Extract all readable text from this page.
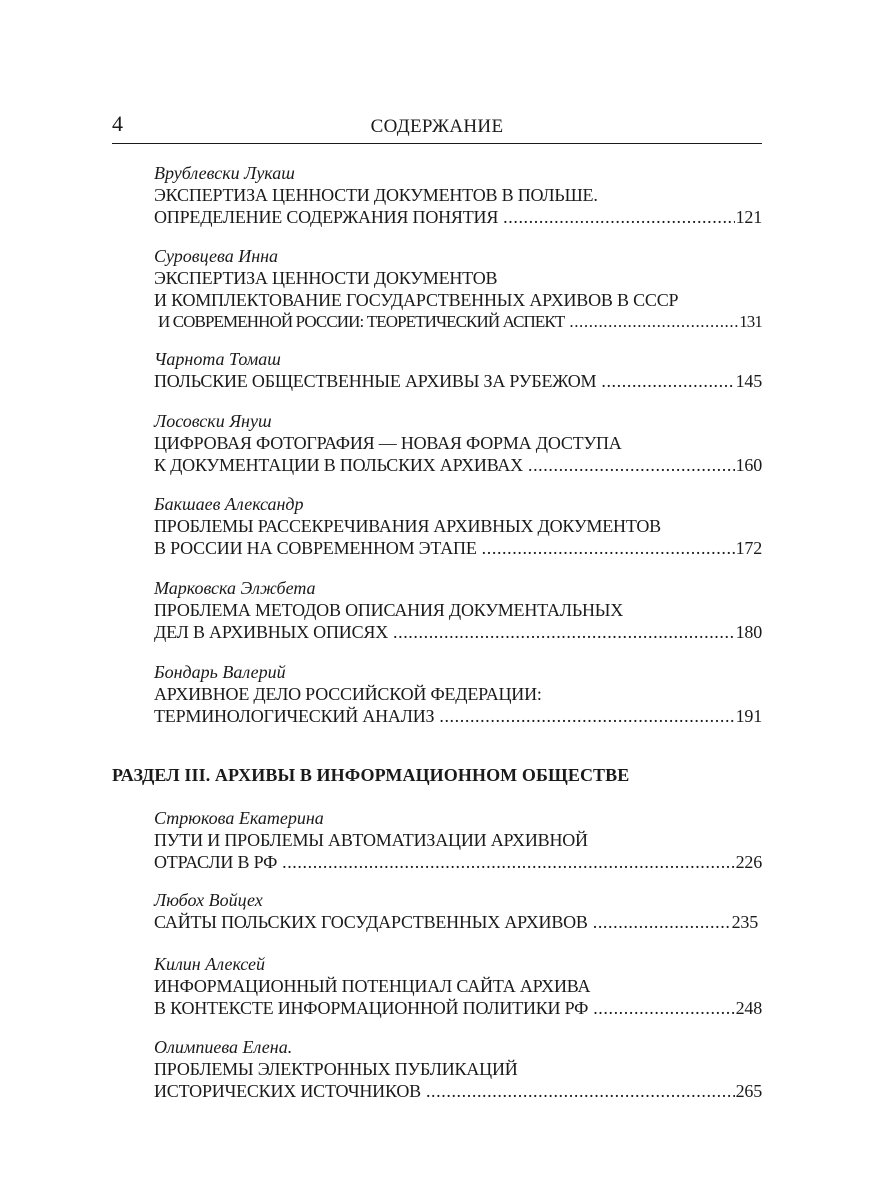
4	СОДЕРЖАНИЕ
Врублевски Лукаш
ЭКСПЕРТИЗА ЦЕННОСТИ ДОКУМЕНТОВ В ПОЛЬШЕ.
ОПРЕДЕЛЕНИЕ СОДЕРЖАНИЯ ПОНЯТИЯ .....	121
Суровцева Инна
ЭКСПЕРТИЗА ЦЕННОСТИ ДОКУМЕНТОВ
И КОМПЛЕКТОВАНИЕ ГОСУДАРСТВЕННЫХ АРХИВОВ В СССР
И СОВРЕМЕННОЙ РОССИИ: ТЕОРЕТИЧЕСКИЙ АСПЕКТ .....	131
Чарнота Томаш
ПОЛЬСКИЕ ОБЩЕСТВЕННЫЕ АРХИВЫ ЗА РУБЕЖОМ .....	145
Лосовски Януш
ЦИФРОВАЯ ФОТОГРАФИЯ — НОВАЯ ФОРМА ДОСТУПА
К ДОКУМЕНТАЦИИ В ПОЛЬСКИХ АРХИВАХ .....	160
Бакшаев Александр
ПРОБЛЕМЫ РАССЕКРЕЧИВАНИЯ АРХИВНЫХ ДОКУМЕНТОВ
В РОССИИ НА СОВРЕМЕННОМ ЭТАПЕ .....	172
Марковска Элжбета
ПРОБЛЕМА МЕТОДОВ ОПИСАНИЯ ДОКУМЕНТАЛЬНЫХ
ДЕЛ В АРХИВНЫХ ОПИСЯХ .....	180
Бондарь Валерий
АРХИВНОЕ ДЕЛО РОССИЙСКОЙ ФЕДЕРАЦИИ:
ТЕРМИНОЛОГИЧЕСКИЙ АНАЛИЗ .....	191
РАЗДЕЛ III. АРХИВЫ В ИНФОРМАЦИОННОМ ОБЩЕСТВЕ
Стрюкова Екатерина
ПУТИ И ПРОБЛЕМЫ АВТОМАТИЗАЦИИ АРХИВНОЙ
ОТРАСЛИ В РФ .....	226
Любох Войцех
САЙТЫ ПОЛЬСКИХ ГОСУДАРСТВЕННЫХ АРХИВОВ .....	235
Килин Алексей
ИНФОРМАЦИОННЫЙ ПОТЕНЦИАЛ САЙТА АРХИВА
В КОНТЕКСТЕ ИНФОРМАЦИОННОЙ ПОЛИТИКИ РФ .....	248
Олимпиева Елена.
ПРОБЛЕМЫ ЭЛЕКТРОННЫХ ПУБЛИКАЦИЙ
ИСТОРИЧЕСКИХ ИСТОЧНИКОВ .....	265
